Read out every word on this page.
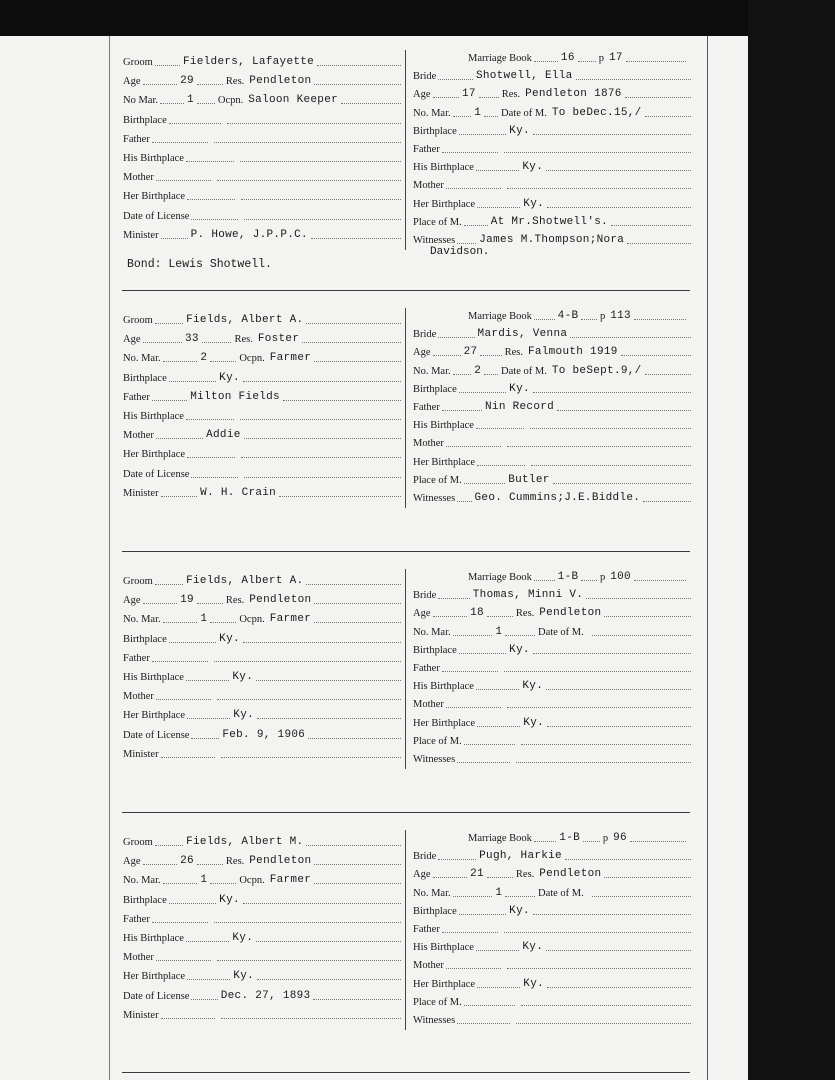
Groom	Fielders, Lafayette
Age	29	Res. Pendleton
No Mar.	1 Ocpn. Saloon Keeper
Birthplace
Father
His Birthplace
Mother
Her Birthplace
Date of License
Minister	P. Howe, J.P.P.C.
Marriage Book	16 p 17
Bride	Shotwell, Ella
Age	17 Res. Pendleton 1876
No. Mar. 1 Date of M. To beDec.15,/
Birthplace	Ky.
Father
His Birthplace	Ky.
Mother
Her Birthplace	Ky.
Place of M.	At Mr.Shotwell's.
Witnesses James M.Thompson;Nora
Davidson.
Bond: Lewis Shotwell.
Groom	Fields, Albert A.
Age	33	Res. Foster
No. Mar.	2	Ocpn. Farmer
Birthplace	Ky.
Father	Milton Fields
His Birthplace
Mother	Addie
Her Birthplace
Date of License
Minister	W. H. Crain
Marriage Book 4-B p 113
Bride	Mardis, Venna
Age	27	Res. Falmouth 1919
No. Mar. 2 Date of M. To beSept.9,/
Birthplace	Ky.
Father	Nin Record
His Birthplace
Mother
Her Birthplace
Place of M.	Butler
Witnesses Geo. Cummins;J.E.Biddle.
Groom	Fields, Albert A.
Age	19	Res. Pendleton
No. Mar.	1	Ocpn. Farmer
Birthplace	Ky.
Father
His Birthplace	Ky.
Mother
Her Birthplace	Ky.
Date of License	Feb. 9, 1906
Minister
Marriage Book 1-B p 100
Bride	Thomas, Minni V.
Age	18	Res. Pendleton
No. Mar.	1	Date of M.
Birthplace	Ky.
Father
His Birthplace	Ky.
Mother
Her Birthplace	Ky.
Place of M.
Witnesses
Groom	Fields, Albert M.
Age	26	Res. Pendleton
No. Mar.	1	Ocpn. Farmer
Birthplace	Ky.
Father
His Birthplace	Ky.
Mother
Her Birthplace	Ky.
Date of License	Dec. 27, 1893
Minister
Marriage Book 1-B p 96
Bride	Pugh, Harkie
Age	21	Res. Pendleton
No. Mar.	1	Date of M.
Birthplace	Ky.
Father
His Birthplace	Ky.
Mother
Her Birthplace	Ky.
Place of M.
Witnesses
